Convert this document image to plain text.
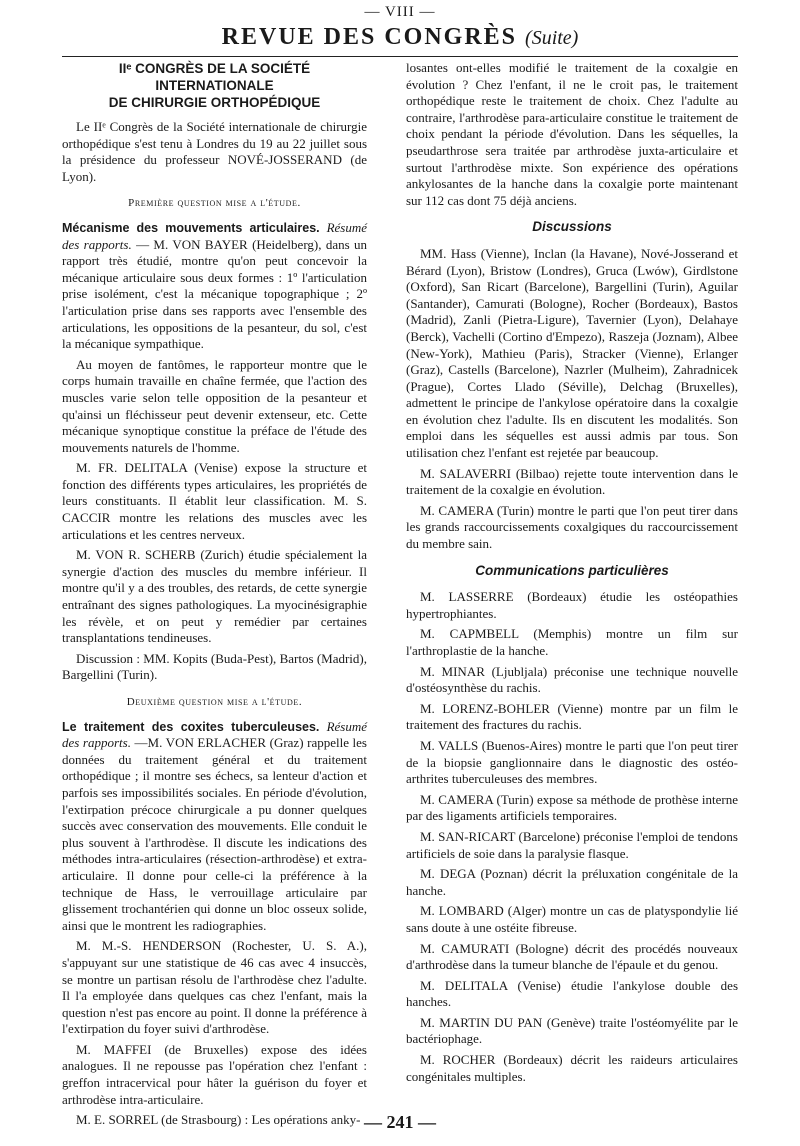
— VIII —
REVUE DES CONGRÈS (Suite)
IIᵉ CONGRÈS DE LA SOCIÉTÉ INTERNATIONALE
DE CHIRURGIE ORTHOPÉDIQUE

Le IIᵉ Congrès de la Société internationale de chirurgie orthopédique s'est tenu à Londres du 19 au 22 juillet sous la présidence du professeur NOVÉ-JOSSERAND (de Lyon).

Première question mise a l'étude.

Mécanisme des mouvements articulaires. Résumé des rapports. — M. VON BAYER (Heidelberg), dans un rapport très étudié, montre qu'on peut concevoir la mécanique articulaire sous deux formes : 1º l'articulation prise isolément, c'est la mécanique topographique ; 2º l'articulation prise dans ses rapports avec l'ensemble des articulations, les oppositions de la pesanteur, du sol, c'est la mécanique sympathique.

Au moyen de fantômes, le rapporteur montre que le corps humain travaille en chaîne fermée, que l'action des muscles varie selon telle opposition de la pesanteur et qu'ainsi un fléchisseur peut devenir extenseur, etc. Cette mécanique synoptique constitue la préface de l'étude des mouvements naturels de l'homme.

M. FR. DELITALA (Venise) expose la structure et fonction des différents types articulaires, les propriétés de leurs constituants. Il établit leur classification. M. S. CACCIR montre les relations des muscles avec les articulations et les centres nerveux.

M. VON R. SCHERB (Zurich) étudie spécialement la synergie d'action des muscles du membre inférieur. Il montre qu'il y a des troubles, des retards, de cette synergie entraînant des signes pathologiques. La myocinésigraphie les révèle, et on peut y remédier par certaines transplantations tendineuses.

Discussion : MM. Kopits (Buda-Pest), Bartos (Madrid), Bargellini (Turin).

Deuxième question mise a l'étude.

Le traitement des coxites tuberculeuses. Résumé des rapports. —M. VON ERLACHER (Graz) rappelle les données du traitement général et du traitement orthopédique ; il montre ses échecs, sa lenteur d'action et parfois ses impossibilités sociales. En période d'évolution, l'extirpation précoce chirurgicale a pu donner quelques succès avec conservation des mouvements. Elle conduit le plus souvent à l'arthrodèse. Il discute les indications des méthodes intra-articulaires (résection-arthrodèse) et extra-articulaire. Il donne pour celle-ci la préférence à la technique de Hass, le verrouillage articulaire par glissement trochantérien qui donne un bloc osseux solide, ainsi que le montrent les radiographies.

M. M.-S. HENDERSON (Rochester, U. S. A.), s'appuyant sur une statistique de 46 cas avec 4 insuccès, se montre un partisan résolu de l'arthrodèse chez l'adulte. Il l'a employée dans quelques cas chez l'enfant, mais la question n'est pas encore au point. Il donne la préférence à l'extirpation du foyer suivi d'arthrodèse.

M. MAFFEI (de Bruxelles) expose des idées analogues. Il ne repousse pas l'opération chez l'enfant : greffon intracervical pour hâter la guérison du foyer et arthrodèse intra-articulaire.

M. E. SORREL (de Strasbourg) : Les opérations anky-

losantes ont-elles modifié le traitement de la coxalgie en évolution ? Chez l'enfant, il ne le croit pas, le traitement orthopédique reste le traitement de choix. Chez l'adulte au contraire, l'arthrodèse para-articulaire constitue le traitement de choix pendant la période d'évolution. Dans les séquelles, la pseudarthrose sera traitée par arthrodèse juxta-articulaire et surtout l'arthrodèse mixte. Son expérience des opérations ankylosantes de la hanche dans la coxalgie porte maintenant sur 112 cas dont 75 déjà anciens.

Discussions

MM. Hass (Vienne), Inclan (la Havane), Nové-Josserand et Bérard (Lyon), Bristow (Londres), Gruca (Lwów), Girdlstone (Oxford), San Ricart (Barcelone), Bargellini (Turin), Aguilar (Santander), Camurati (Bologne), Rocher (Bordeaux), Bastos (Madrid), Zanli (Pietra-Ligure), Tavernier (Lyon), Delahaye (Berck), Vachelli (Cortino d'Empezo), Raszeja (Joznam), Albee (New-York), Mathieu (Paris), Stracker (Vienne), Erlanger (Graz), Castells (Barcelone), Nazrler (Mulheim), Zahradnicek (Prague), Cortes Llado (Séville), Delchag (Bruxelles), admettent le principe de l'ankylose opératoire dans la coxalgie en évolution chez l'adulte. Ils en discutent les modalités. Son emploi dans les séquelles est aussi admis par tous. Son utilisation chez l'enfant est rejetée par beaucoup.

M. SALAVERRI (Bilbao) rejette toute intervention dans le traitement de la coxalgie en évolution.

M. CAMERA (Turin) montre le parti que l'on peut tirer dans les grands raccourcissements coxalgiques du raccourcissement du membre sain.

Communications particulières

M. LASSERRE (Bordeaux) étudie les ostéopathies hypertrophiantes.

M. CAPMBELL (Memphis) montre un film sur l'arthroplastie de la hanche.

M. MINAR (Ljubljala) préconise une technique nouvelle d'ostéosynthèse du rachis.

M. LORENZ-BOHLER (Vienne) montre par un film le traitement des fractures du rachis.

M. VALLS (Buenos-Aires) montre le parti que l'on peut tirer de la biopsie ganglionnaire dans le diagnostic des ostéo-arthrites tuberculeuses des membres.

M. CAMERA (Turin) expose sa méthode de prothèse interne par des ligaments artificiels temporaires.

M. SAN-RICART (Barcelone) préconise l'emploi de tendons artificiels de soie dans la paralysie flasque.

M. DEGA (Poznan) décrit la préluxation congénitale de la hanche.

M. LOMBARD (Alger) montre un cas de platyspondylie lié sans doute à une ostéite fibreuse.

M. CAMURATI (Bologne) décrit des procédés nouveaux d'arthrodèse dans la tumeur blanche de l'épaule et du genou.

M. DELITALA (Venise) étudie l'ankylose double des hanches.

M. MARTIN DU PAN (Genève) traite l'ostéomyélite par le bactériophage.

M. ROCHER (Bordeaux) décrit les raideurs articulaires congénitales multiples.

— 241 —
